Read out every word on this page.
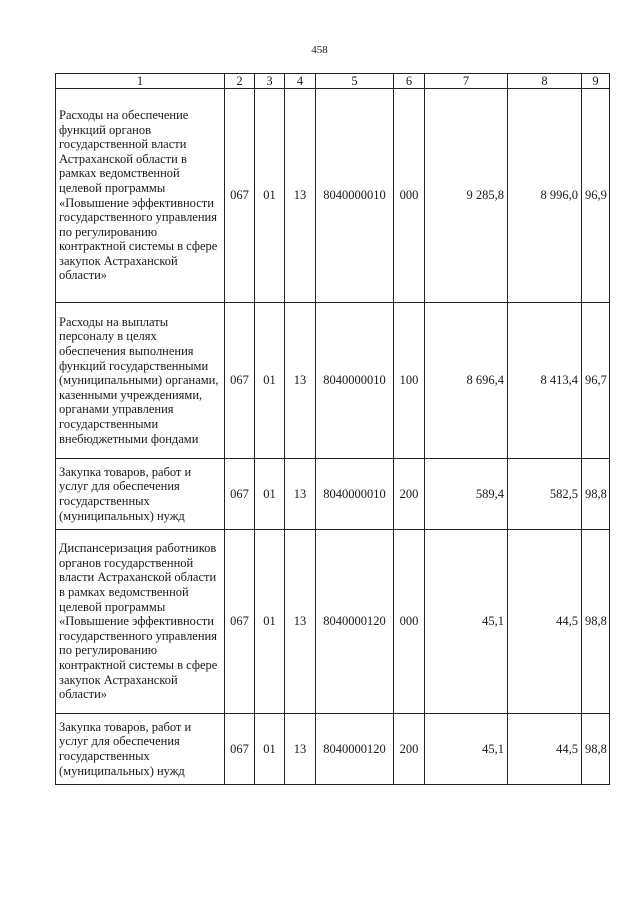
458
1	2	3	4	5	6	7	8	9
Расходы на обеспечение функций органов государственной власти Астраханской области в рамках ведомственной целевой программы «Повышение эффективности государственного управления по регулированию контрактной системы в сфере закупок Астраханской области»	067	01	13	8040000010	000	9 285,8	8 996,0	96,9
Расходы на выплаты персоналу в целях обеспечения выполнения функций государственными (муниципальными) органами, казенными учреждениями, органами управления государственными внебюджетными фондами	067	01	13	8040000010	100	8 696,4	8 413,4	96,7
Закупка товаров, работ и услуг для обеспечения государственных (муниципальных) нужд	067	01	13	8040000010	200	589,4	582,5	98,8
Диспансеризация работников органов государственной власти Астраханской области в рамках ведомственной целевой программы «Повышение эффективности государственного управления по регулированию контрактной системы в сфере закупок Астраханской области»	067	01	13	8040000120	000	45,1	44,5	98,8
Закупка товаров, работ и услуг для обеспечения государственных (муниципальных) нужд	067	01	13	8040000120	200	45,1	44,5	98,8
